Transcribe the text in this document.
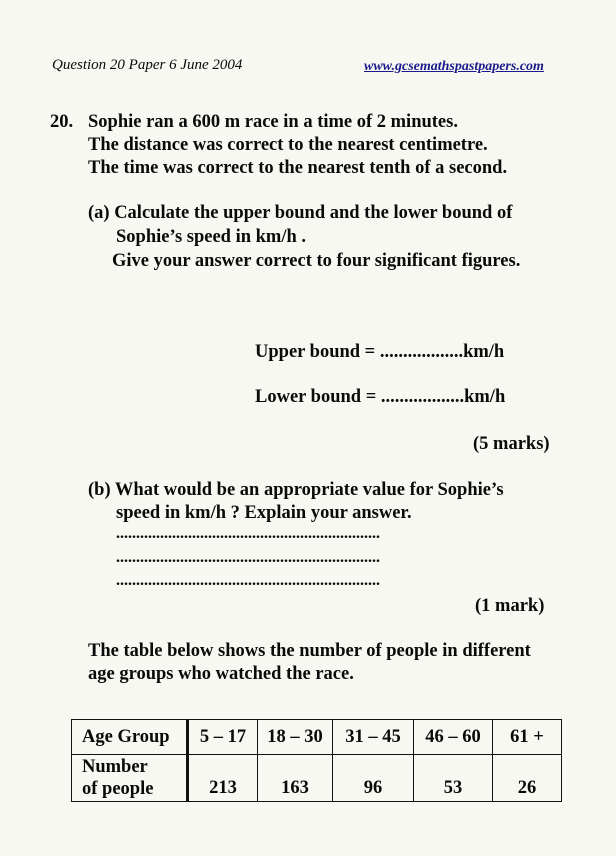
Question 20 Paper 6 June 2004	www.gcsemathspastpapers.com
20. Sophie ran a 600 m race in a time of 2 minutes.
The distance was correct to the nearest centimetre.
The time was correct to the nearest tenth of a second.
(a) Calculate the upper bound and the lower bound of
Sophie’s speed in km/h .
Give your answer correct to four significant figures.
Upper bound = ..................km/h
Lower bound = ..................km/h
(5 marks)
(b) What would be an appropriate value for Sophie’s
speed in km/h ? Explain your answer.
..................................................................
..................................................................
..................................................................
(1 mark)
The table below shows the number of people in different
age groups who watched the race.
Age Group	5 – 17	18 – 30	31 – 45	46 – 60	61 +

Number
of people	213	163	96	53	26
